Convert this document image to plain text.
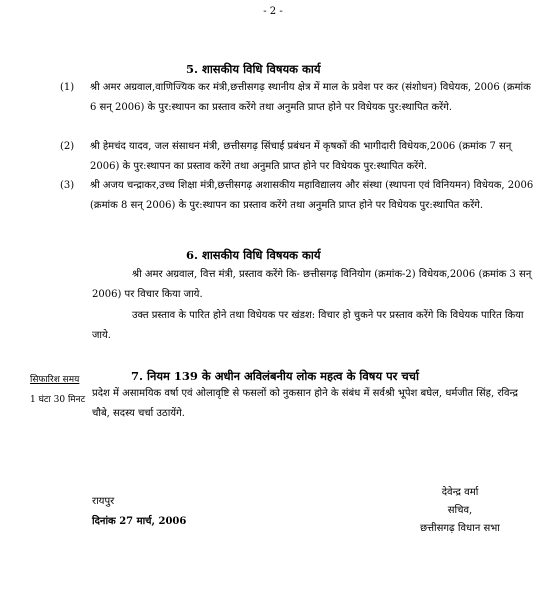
- 2 -
5. शासकीय विधि विषयक कार्य
(1) श्री अमर अग्रवाल,वाणिज्यिक कर मंत्री,छत्तीसगढ़ स्थानीय क्षेत्र में माल के प्रवेश पर कर (संशोधन) विधेयक, 2006 (क्रमांक 6 सन् 2006) के पुर:स्थापन का प्रस्ताव करेंगे तथा अनुमति प्राप्त होने पर विधेयक पुर:स्थापित करेंगे.
(2) श्री हेमचंद यादव, जल संसाधन मंत्री, छत्तीसगढ़ सिंचाई प्रबंधन में कृषकों की भागीदारी विधेयक,2006 (क्रमांक 7 सन् 2006) के पुर:स्थापन का प्रस्ताव करेंगे तथा अनुमति प्राप्त होने पर विधेयक पुर:स्थापित करेंगे.
(3) श्री अजय चन्द्राकर,उच्च शिक्षा मंत्री,छत्तीसगढ़ अशासकीय महाविद्यालय और संस्था (स्थापना एवं विनियमन) विधेयक, 2006 (क्रमांक 8 सन् 2006) के पुर:स्थापन का प्रस्ताव करेंगे तथा अनुमति प्राप्त होने पर विधेयक पुर:स्थापित करेंगे.
6. शासकीय विधि विषयक कार्य
श्री अमर अग्रवाल, वित्त मंत्री, प्रस्ताव करेंगे कि- छत्तीसगढ़ विनियोग (क्रमांक-2) विधेयक,2006 (क्रमांक 3 सन् 2006) पर विचार किया जाये.
उक्त प्रस्ताव के पारित होने तथा विधेयक पर खंडश: विचार हो चुकने पर प्रस्ताव करेंगे कि विधेयक पारित किया जाये.
सिफारिश समय
1 घंटा 30 मिनट
7. नियम 139 के अधीन अविलंबनीय लोक महत्व के विषय पर चर्चा
प्रदेश में असामयिक वर्षा एवं ओलावृष्टि से फसलों को नुकसान होने के संबंध में सर्वश्री भूपेश बघेल, धर्मजीत सिंह, रविन्द्र चौबे, सदस्य चर्चा उठायेंगे.
रायपुर
दिनांक 27 मार्च, 2006
देवेन्द्र वर्मा
सचिव,
छत्तीसगढ़ विधान सभा
